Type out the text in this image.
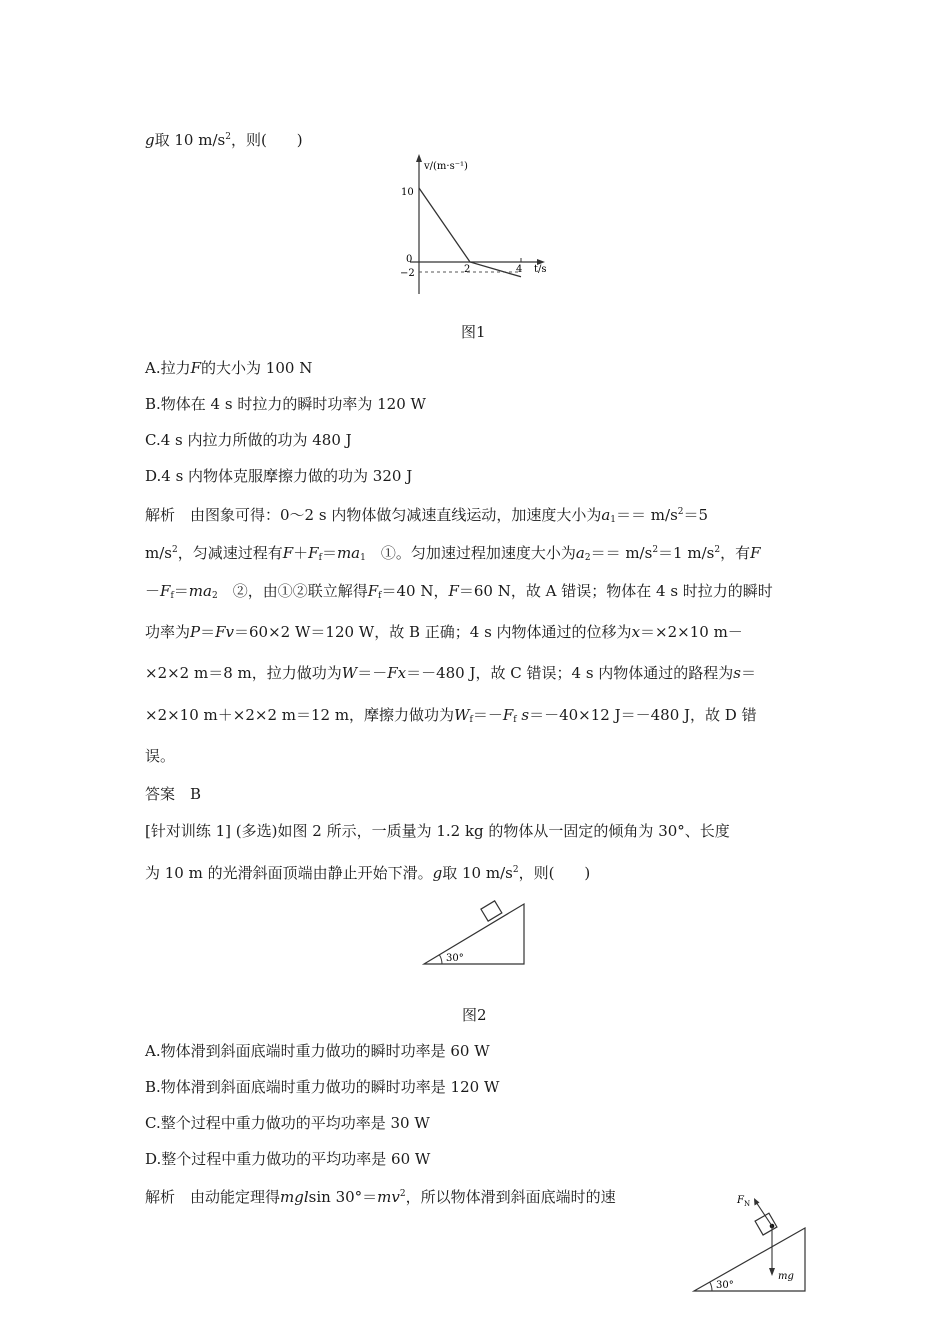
g取 10 $m/s^2$，则(　　)
v/(m·s⁻¹)
t/s
10
0
−2	2	4
图1
A.拉力F的大小为 100 N
B.物体在 4 s 时拉力的瞬时功率为 120 W
C.4 s 内拉力所做的功为 480 J
D.4 s 内物体克服摩擦力做的功为 320 J
解析　由图象可得：0～2 s 内物体做匀减速直线运动，加速度大小为$a_1== m/s^2=5$
$m/s^2$，匀减速过程有$F+F_f=ma_1$　①。匀加速过程加速度大小为$a_2== m/s^2=1$ $m/s^2$，有F
$-F_f=ma_2$　②，由①②联立解得$F_f=40$ N，F＝60 N，故 A 错误；物体在 4 s 时拉力的瞬时
功率为P＝Fv＝60×2 W＝120 W，故 B 正确；4 s 内物体通过的位移为x＝×2×10 m－
×2×2 m＝8 m，拉力做功为W＝－Fx＝－480 J，故 C 错误；4 s 内物体通过的路程为s＝
×2×10 m＋×2×2 m＝12 m，摩擦力做功为$W_f=-F_f$ s＝－40×12 J＝－480 J，故 D 错
误。
答案　B
[针对训练 1] (多选)如图 2 所示，一质量为 1.2 kg 的物体从一固定的倾角为 30°、长度
为 10 m 的光滑斜面顶端由静止开始下滑。g取 10 $m/s^2$，则(　　)
30°
图2
A.物体滑到斜面底端时重力做功的瞬时功率是 60 W
B.物体滑到斜面底端时重力做功的瞬时功率是 120 W
C.整个过程中重力做功的平均功率是 30 W
D.整个过程中重力做功的平均功率是 60 W
解析　由动能定理得mglsin $30^\circ=mv^2$，所以物体滑到斜面底端时的速
30°
$F_N$
mg
